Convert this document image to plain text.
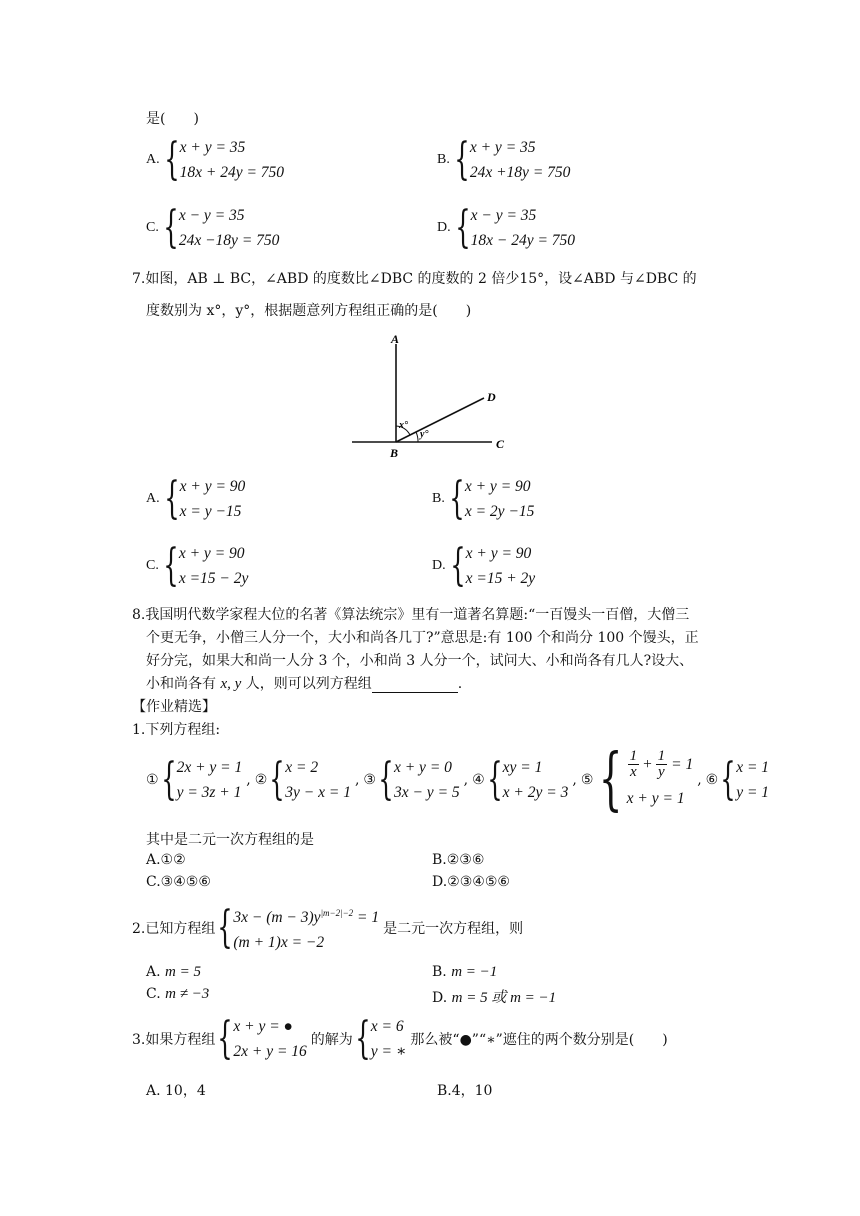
是(　　)
A. { x + y = 35
18x + 24y = 750
B. { x + y = 35
24x +18y = 750
C. { x − y = 35
24x −18y = 750
D. { x − y = 35
18x − 24y = 750
7.如图，AB ⊥ BC，∠ABD 的度数比∠DBC 的度数的 2 倍少15°，设∠ABD 与∠DBC 的
度数别为 x°，y°，根据题意列方程组正确的是(　　)
A
B
C
D
x°
y°
A. { x + y = 90
x = y −15
B. { x + y = 90
x = 2y −15
C. { x + y = 90
x =15 − 2y
D. { x + y = 90
x =15 + 2y
8.我国明代数学家程大位的名著《算法统宗》里有一道著名算题:“一百馒头一百僧，大僧三
个更无争，小僧三人分一个，大小和尚各几丁?”意思是:有 100 个和尚分 100 个馒头，正
好分完，如果大和尚一人分 3 个，小和尚 3 人分一个，试问大、小和尚各有几人?设大、
小和尚各有 x, y 人，则可以列方程组	.
【作业精选】
1.下列方程组:
① { 2x + y = 1
y = 3z + 1
, ② { x = 2
3y − x = 1
, ③ { x + y = 0
3x − y = 5
, ④ { xy = 1
x + 2y = 3
, ⑤ { $\frac{1}{x} + \frac{1}{y} = 1$
x + y = 1
, ⑥ { x = 1
y = 1
其中是二元一次方程组的是
A.①②	B.②③⑥
C.③④⑤⑥	D.②③④⑤⑥
2.已知方程组 { $3x - (m - 3)y^{|m-2|-2} = 1$
(m + 1)x = −2
是二元一次方程组，则
A. m = 5	B. m = −1
C. m ≠ −3	D. m = 5 或 m = −1
3.如果方程组 { x + y = ●
2x + y = 16
的解为 { x = 6
y = ∗
那么被“●”“∗”遮住的两个数分别是(　　)
A. 10，4	B.4，10
